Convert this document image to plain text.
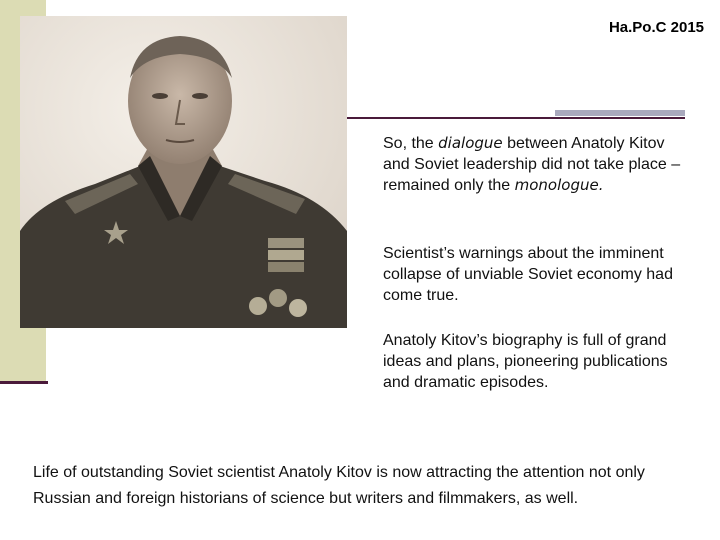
Ha.Po.C 2015

So, the dialogue between Anatoly Kitov and Soviet leadership did not take place – remained only the monologue.

Scientist’s warnings about the imminent collapse of unviable Soviet economy had come true.

Anatoly Kitov’s biography is full of grand ideas and plans, pioneering publications and dramatic episodes.

Life of outstanding Soviet scientist Anatoly Kitov is now attracting the attention not only Russian and foreign historians of science but writers and filmmakers, as well.
